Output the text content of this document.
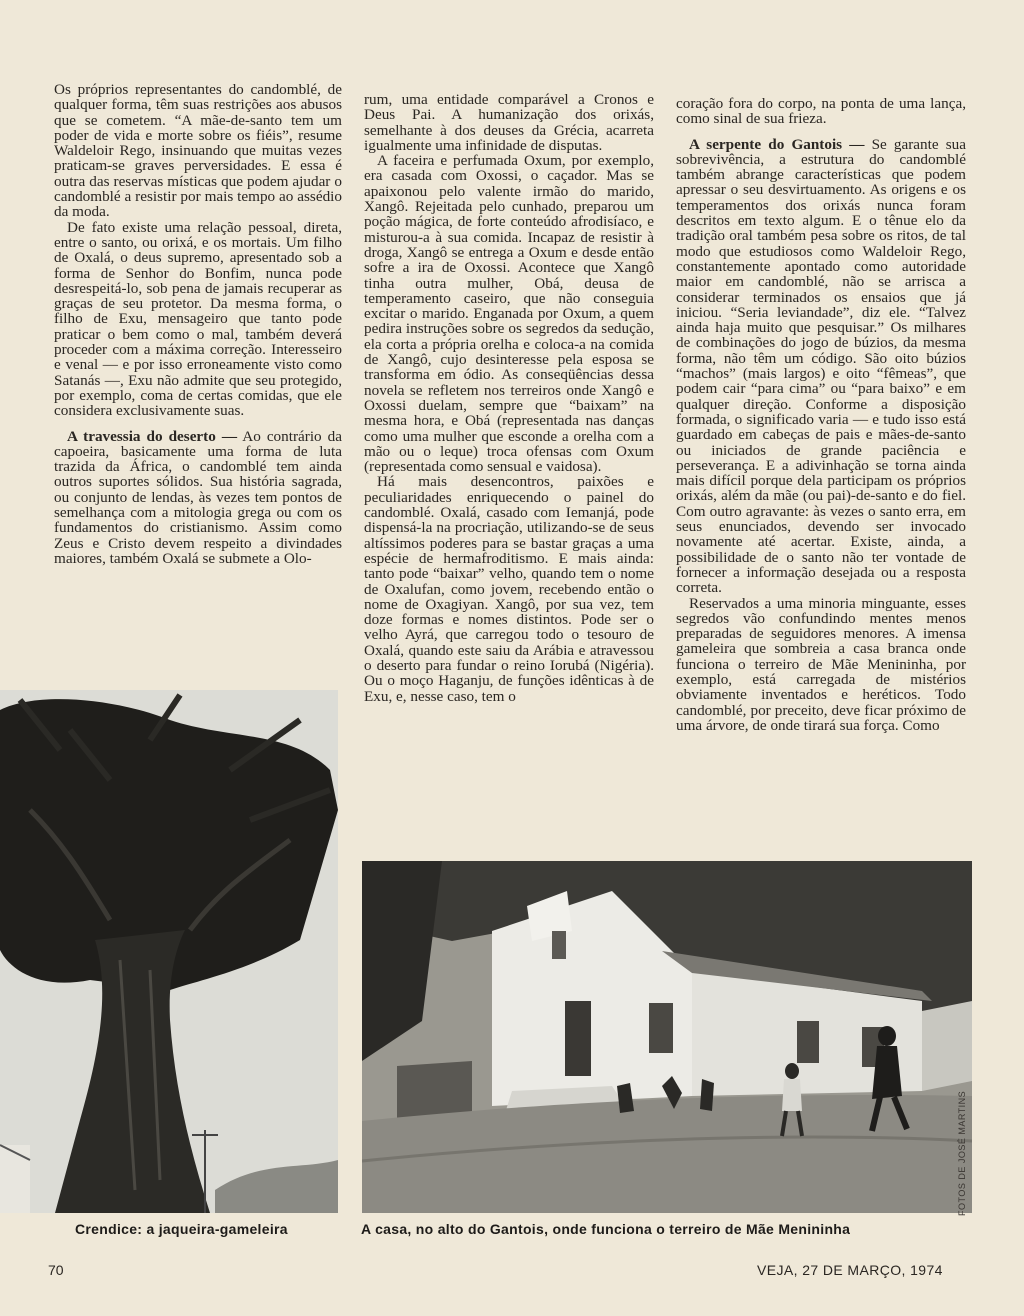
Os próprios representantes do candomblé, de qualquer forma, têm suas restrições aos abusos que se cometem. “A mãe-de-santo tem um poder de vida e morte sobre os fiéis”, resume Waldeloir Rego, insinuando que muitas vezes praticam-se graves perversidades. E essa é outra das reservas místicas que podem ajudar o candomblé a resistir por mais tempo ao assédio da moda.

De fato existe uma relação pessoal, direta, entre o santo, ou orixá, e os mortais. Um filho de Oxalá, o deus supremo, apresentado sob a forma de Senhor do Bonfim, nunca pode desrespeitá-lo, sob pena de jamais recuperar as graças de seu protetor. Da mesma forma, o filho de Exu, mensageiro que tanto pode praticar o bem como o mal, também deverá proceder com a máxima correção. Interesseiro e venal — e por isso erroneamente visto como Satanás —, Exu não admite que seu protegido, por exemplo, coma de certas comidas, que ele considera exclusivamente suas.

A travessia do deserto — Ao contrário da capoeira, basicamente uma forma de luta trazida da África, o candomblé tem ainda outros suportes sólidos. Sua história sagrada, ou conjunto de lendas, às vezes tem pontos de semelhança com a mitologia grega ou com os fundamentos do cristianismo. Assim como Zeus e Cristo devem respeito a divindades maiores, também Oxalá se submete a Olo-

rum, uma entidade comparável a Cronos e Deus Pai. A humanização dos orixás, semelhante à dos deuses da Grécia, acarreta igualmente uma infinidade de disputas.

A faceira e perfumada Oxum, por exemplo, era casada com Oxossi, o caçador. Mas se apaixonou pelo valente irmão do marido, Xangô. Rejeitada pelo cunhado, preparou um poção mágica, de forte conteúdo afrodisíaco, e misturou-a à sua comida. Incapaz de resistir à droga, Xangô se entrega a Oxum e desde então sofre a ira de Oxossi. Acontece que Xangô tinha outra mulher, Obá, deusa de temperamento caseiro, que não conseguia excitar o marido. Enganada por Oxum, a quem pedira instruções sobre os segredos da sedução, ela corta a própria orelha e coloca-a na comida de Xangô, cujo desinteresse pela esposa se transforma em ódio. As conseqüências dessa novela se refletem nos terreiros onde Xangô e Oxossi duelam, sempre que “baixam” na mesma hora, e Obá (representada nas danças como uma mulher que esconde a orelha com a mão ou o leque) troca ofensas com Oxum (representada como sensual e vaidosa).

Há mais desencontros, paixões e peculiaridades enriquecendo o painel do candomblé. Oxalá, casado com Iemanjá, pode dispensá-la na procriação, utilizando-se de seus altíssimos poderes para se bastar graças a uma espécie de hermafroditismo. E mais ainda: tanto pode “baixar” velho, quando tem o nome de Oxalufan, como jovem, recebendo então o nome de Oxagiyan. Xangô, por sua vez, tem doze formas e nomes distintos. Pode ser o velho Ayrá, que carregou todo o tesouro de Oxalá, quando este saiu da Arábia e atravessou o deserto para fundar o reino Iorubá (Nigéria). Ou o moço Haganju, de funções idênticas à de Exu, e, nesse caso, tem o

coração fora do corpo, na ponta de uma lança, como sinal de sua frieza.

A serpente do Gantois — Se garante sua sobrevivência, a estrutura do candomblé também abrange características que podem apressar o seu desvirtuamento. As origens e os temperamentos dos orixás nunca foram descritos em texto algum. E o tênue elo da tradição oral também pesa sobre os ritos, de tal modo que estudiosos como Waldeloir Rego, constantemente apontado como autoridade maior em candomblé, não se arrisca a considerar terminados os ensaios que já iniciou. “Seria leviandade”, diz ele. “Talvez ainda haja muito que pesquisar.” Os milhares de combinações do jogo de búzios, da mesma forma, não têm um código. São oito búzios “machos” (mais largos) e oito “fêmeas”, que podem cair “para cima” ou “para baixo” e em qualquer direção. Conforme a disposição formada, o significado varia — e tudo isso está guardado em cabeças de pais e mães-de-santo ou iniciados de grande paciência e perseverança. E a adivinhação se torna ainda mais difícil porque dela participam os próprios orixás, além da mãe (ou pai)-de-santo e do fiel. Com outro agravante: às vezes o santo erra, em seus enunciados, devendo ser invocado novamente até acertar. Existe, ainda, a possibilidade de o santo não ter vontade de fornecer a informação desejada ou a resposta correta.

Reservados a uma minoria minguante, esses segredos vão confundindo mentes menos preparadas de seguidores menores. A imensa gameleira que sombreia a casa branca onde funciona o terreiro de Mãe Menininha, por exemplo, está carregada de mistérios obviamente inventados e heréticos. Todo candomblé, por preceito, deve ficar próximo de uma árvore, de onde tirará sua força. Como

Crendice: a jaqueira-gameleira	A casa, no alto do Gantois, onde funciona o terreiro de Mãe Menininha
FOTOS DE JOSÉ MARTINS
70	VEJA, 27 DE MARÇO, 1974
